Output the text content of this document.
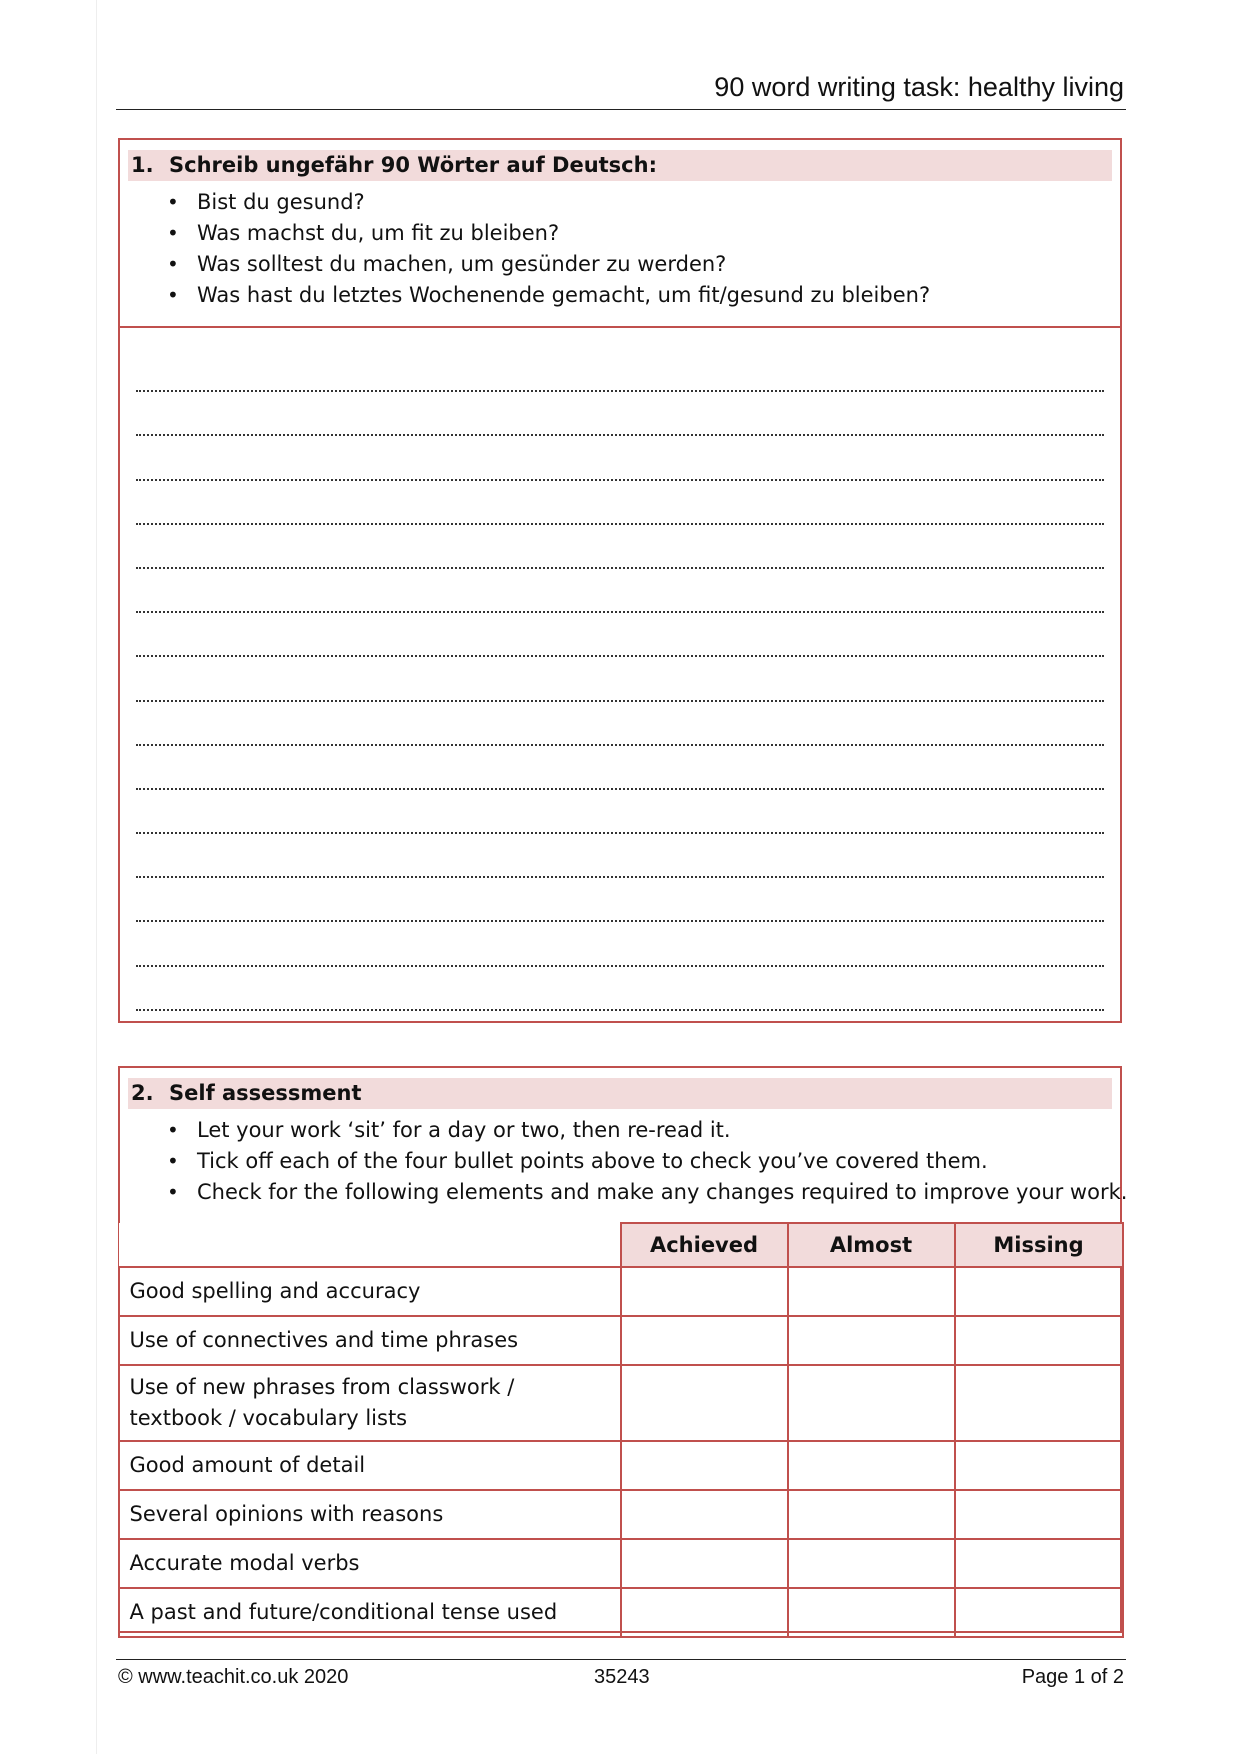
90 word writing task: healthy living
1. Schreib ungefähr 90 Wörter auf Deutsch:
• Bist du gesund?
• Was machst du, um fit zu bleiben?
• Was solltest du machen, um gesünder zu werden?
• Was hast du letztes Wochenende gemacht, um fit/gesund zu bleiben?
2. Self assessment
• Let your work ‘sit’ for a day or two, then re-read it.
• Tick off each of the four bullet points above to check you’ve covered them.
• Check for the following elements and make any changes required to improve your work.
	Achieved	Almost	Missing
Good spelling and accuracy			
Use of connectives and time phrases			
Use of new phrases from classwork / textbook / vocabulary lists			
Good amount of detail			
Several opinions with reasons			
Accurate modal verbs			
A past and future/conditional tense used			
© www.teachit.co.uk 2020	35243	Page 1 of 2
